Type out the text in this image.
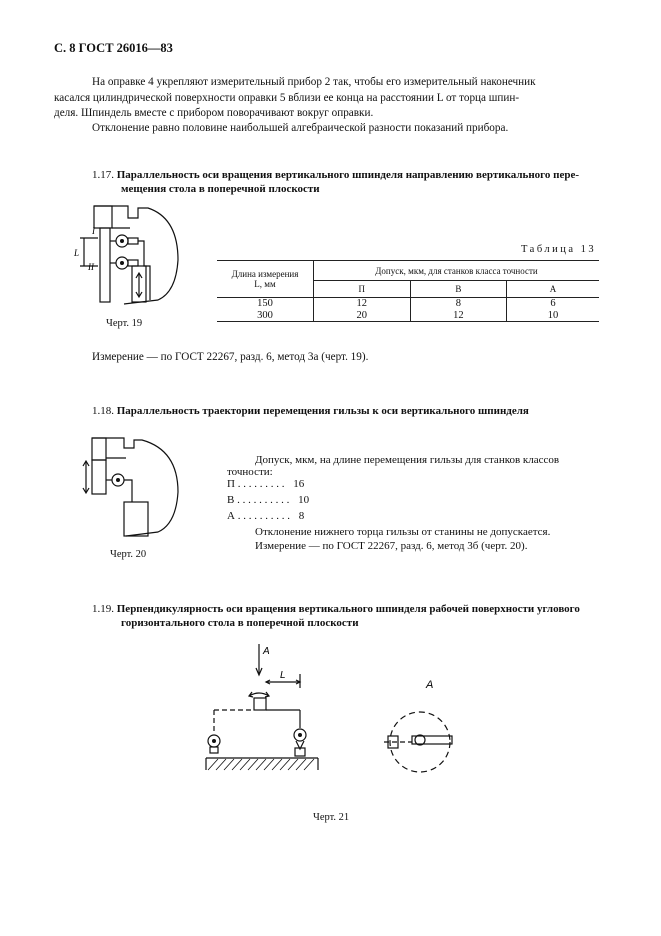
С. 8 ГОСТ 26016—83
На оправке 4 укрепляют измерительный прибор 2 так, чтобы его измерительный наконечник
касался цилиндрической поверхности оправки 5 вблизи ее конца на расстоянии L от торца шпин-
деля. Шпиндель вместе с прибором поворачивают вокруг оправки.
Отклонение равно половине наибольшей алгебраической разности показаний прибора.
1.17. Параллельность оси вращения вертикального шпинделя направлению вертикального пере-
мещения стола в поперечной плоскости
I
II
L
Черт. 19
Таблица 13
Длина измерения
L, мм	Допуск, мкм, для станков класса точности		
	П	В	А
150	12	8	6
300	20	12	10
Измерение — по ГОСТ 22267, разд. 6, метод 3а (черт. 19).
1.18. Параллельность траектории перемещения гильзы к оси вертикального шпинделя
Черт. 20
Допуск, мкм, на длине перемещения гильзы для станков классов
точности:
П . . . . . . . . . 16
В . . . . . . . . . . 10
А . . . . . . . . . . 8
Отклонение нижнего торца гильзы от станины не допускается.
Измерение — по ГОСТ 22267, разд. 6, метод 3б (черт. 20).
1.19. Перпендикулярность оси вращения вертикального шпинделя рабочей поверхности углового
горизонтального стола в поперечной плоскости
A
L
A
Черт. 21
